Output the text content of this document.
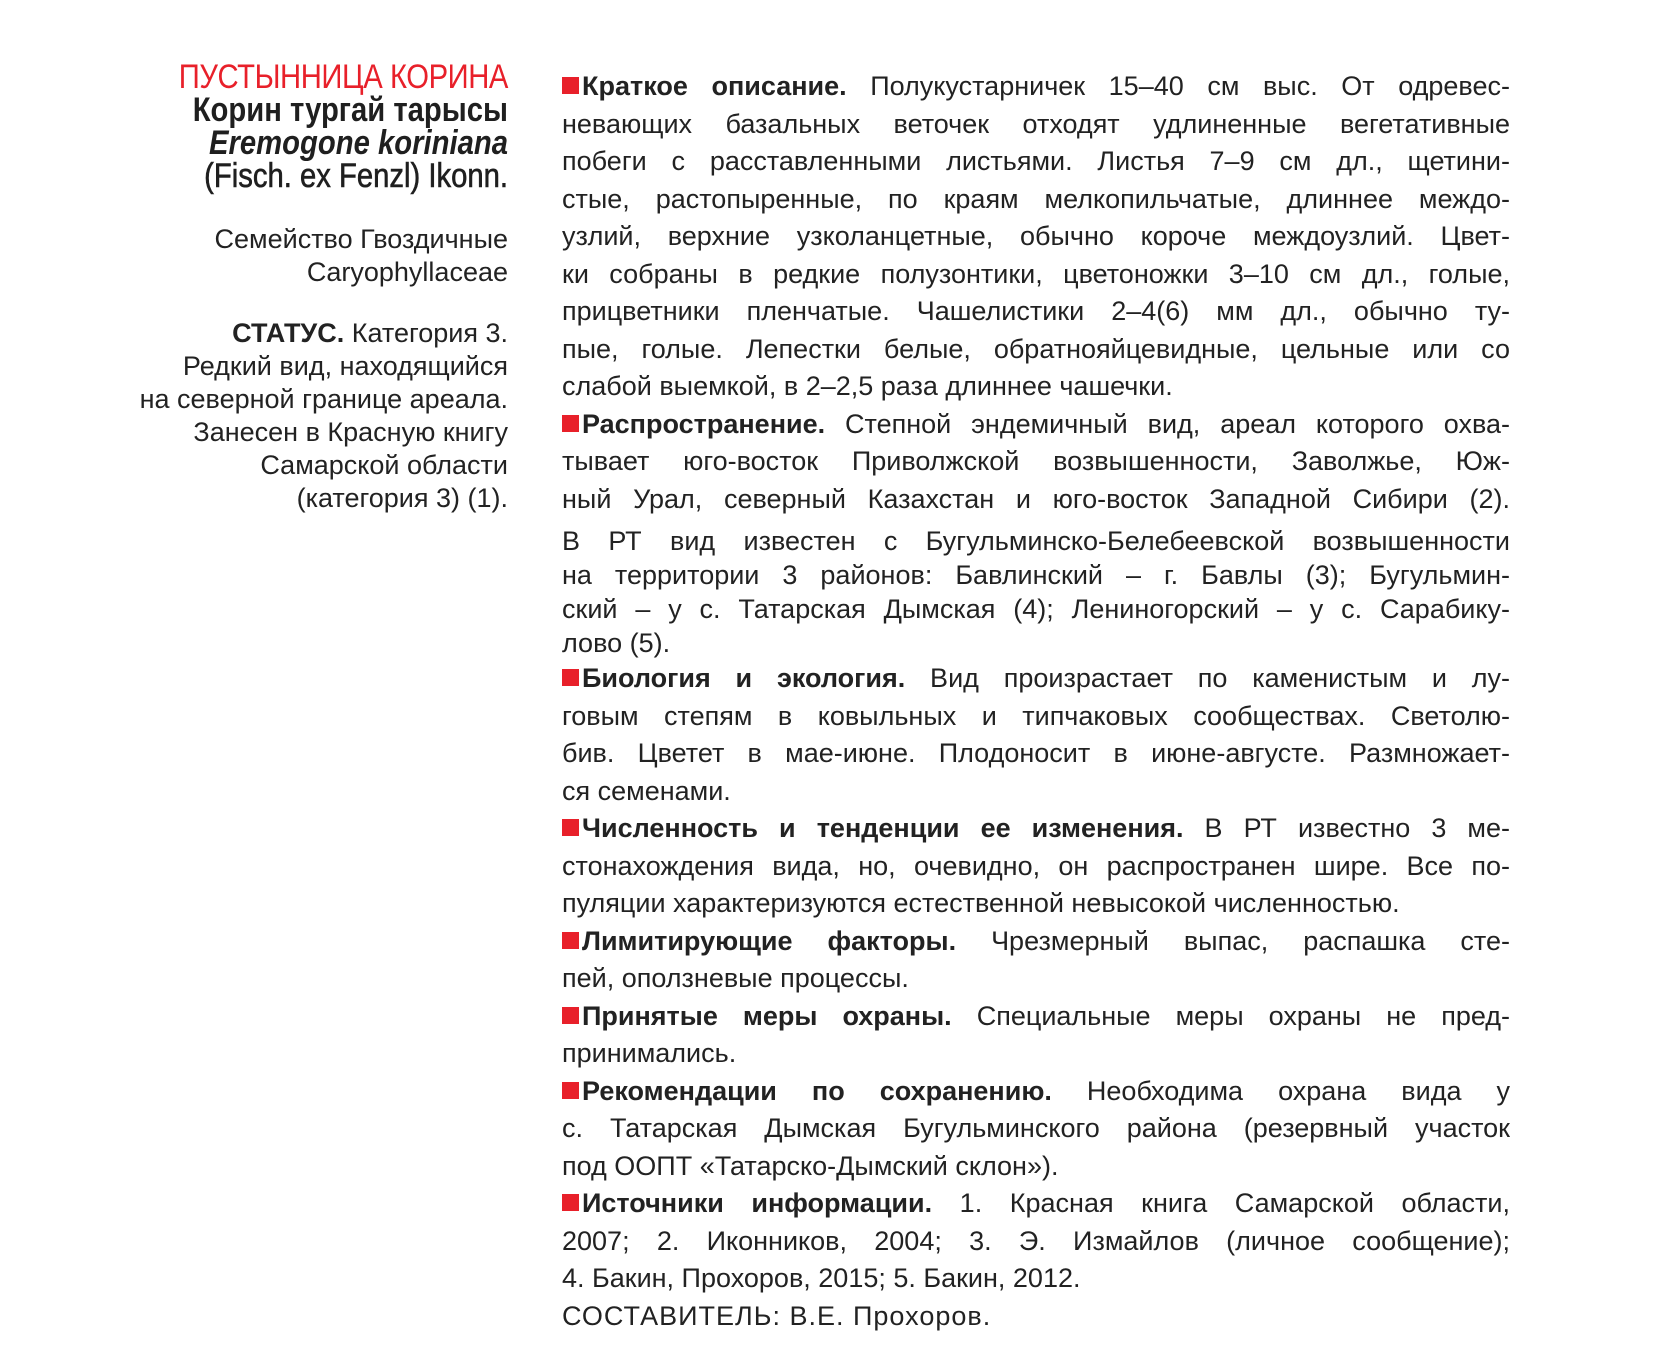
ПУСТЫННИЦА КОРИНА
Корин тургай тарысы
Eremogone koriniana
(Fisch. ex Fenzl) Ikonn.
Семейство Гвоздичные
Caryophyllaceae
СТАТУС. Категория 3.
Редкий вид, находящийся
на северной границе ареала.
Занесен в Красную книгу
Самарской области
(категория 3) (1).
Краткое описание. Полукустарничек 15–40 см выс. От одревес-
невающих базальных веточек отходят удлиненные вегетативные
побеги с расставленными листьями. Листья 7–9 см дл., щетини-
стые, растопыренные, по краям мелкопильчатые, длиннее междо-
узлий, верхние узколанцетные, обычно короче междоузлий. Цвет-
ки собраны в редкие полузонтики, цветоножки 3–10 см дл., голые,
прицветники пленчатые. Чашелистики 2–4(6) мм дл., обычно ту-
пые, голые. Лепестки белые, обратнояйцевидные, цельные или со
слабой выемкой, в 2–2,5 раза длиннее чашечки.
Распространение. Степной эндемичный вид, ареал которого охва-
тывает юго-восток Приволжской возвышенности, Заволжье, Юж-
ный Урал, северный Казахстан и юго-восток Западной Сибири (2).
В РТ вид известен с Бугульминско-Белебеевской возвышенности
на территории 3 районов: Бавлинский – г. Бавлы (3); Бугульмин-
ский – у с. Татарская Дымская (4); Лениногорский – у с. Сарабику-
лово (5).
Биология и экология. Вид произрастает по каменистым и лу-
говым степям в ковыльных и типчаковых сообществах. Светолю-
бив. Цветет в мае-июне. Плодоносит в июне-августе. Размножает-
ся семенами.
Численность и тенденции ее изменения. В РТ известно 3 ме-
стонахождения вида, но, очевидно, он распространен шире. Все по-
пуляции характеризуются естественной невысокой численностью.
Лимитирующие факторы. Чрезмерный выпас, распашка сте-
пей, оползневые процессы.
Принятые меры охраны. Специальные меры охраны не пред-
принимались.
Рекомендации по сохранению. Необходима охрана вида у
с. Татарская Дымская Бугульминского района (резервный участок
под ООПТ «Татарско-Дымский склон»).
Источники информации. 1. Красная книга Самарской области,
2007; 2. Иконников, 2004; 3. Э. Измайлов (личное сообщение);
4. Бакин, Прохоров, 2015; 5. Бакин, 2012.
СОСТАВИТЕЛЬ: В.Е. Прохоров.
